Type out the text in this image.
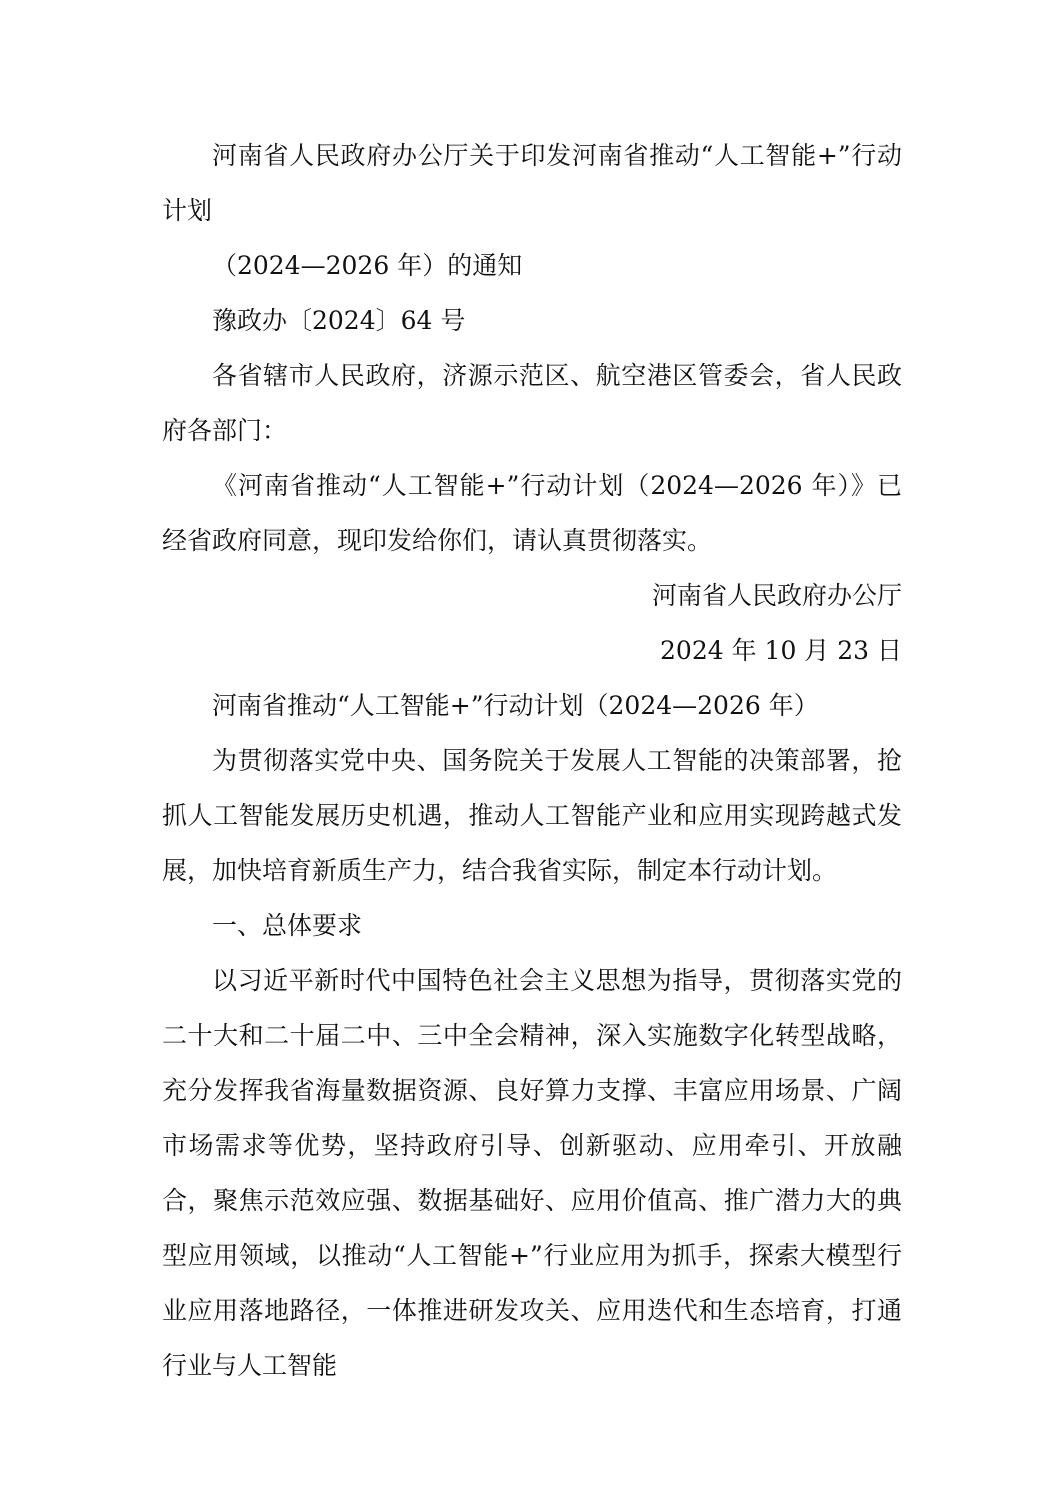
河南省人民政府办公厅关于印发河南省推动“人工智能+”行动计划

（2024—2026 年）的通知

豫政办〔2024〕64 号

各省辖市人民政府，济源示范区、航空港区管委会，省人民政府各部门：

《河南省推动“人工智能+”行动计划（2024—2026 年）》已经省政府同意，现印发给你们，请认真贯彻落实。

河南省人民政府办公厅

2024 年 10 月 23 日

河南省推动“人工智能+”行动计划（2024—2026 年）

为贯彻落实党中央、国务院关于发展人工智能的决策部署，抢抓人工智能发展历史机遇，推动人工智能产业和应用实现跨越式发展，加快培育新质生产力，结合我省实际，制定本行动计划。

一、总体要求

以习近平新时代中国特色社会主义思想为指导，贯彻落实党的二十大和二十届二中、三中全会精神，深入实施数字化转型战略，充分发挥我省海量数据资源、良好算力支撑、丰富应用场景、广阔市场需求等优势，坚持政府引导、创新驱动、应用牵引、开放融合，聚焦示范效应强、数据基础好、应用价值高、推广潜力大的典型应用领域，以推动“人工智能+”行业应用为抓手，探索大模型行业应用落地路径，一体推进研发攻关、应用迭代和生态培育，打通行业与人工智能
